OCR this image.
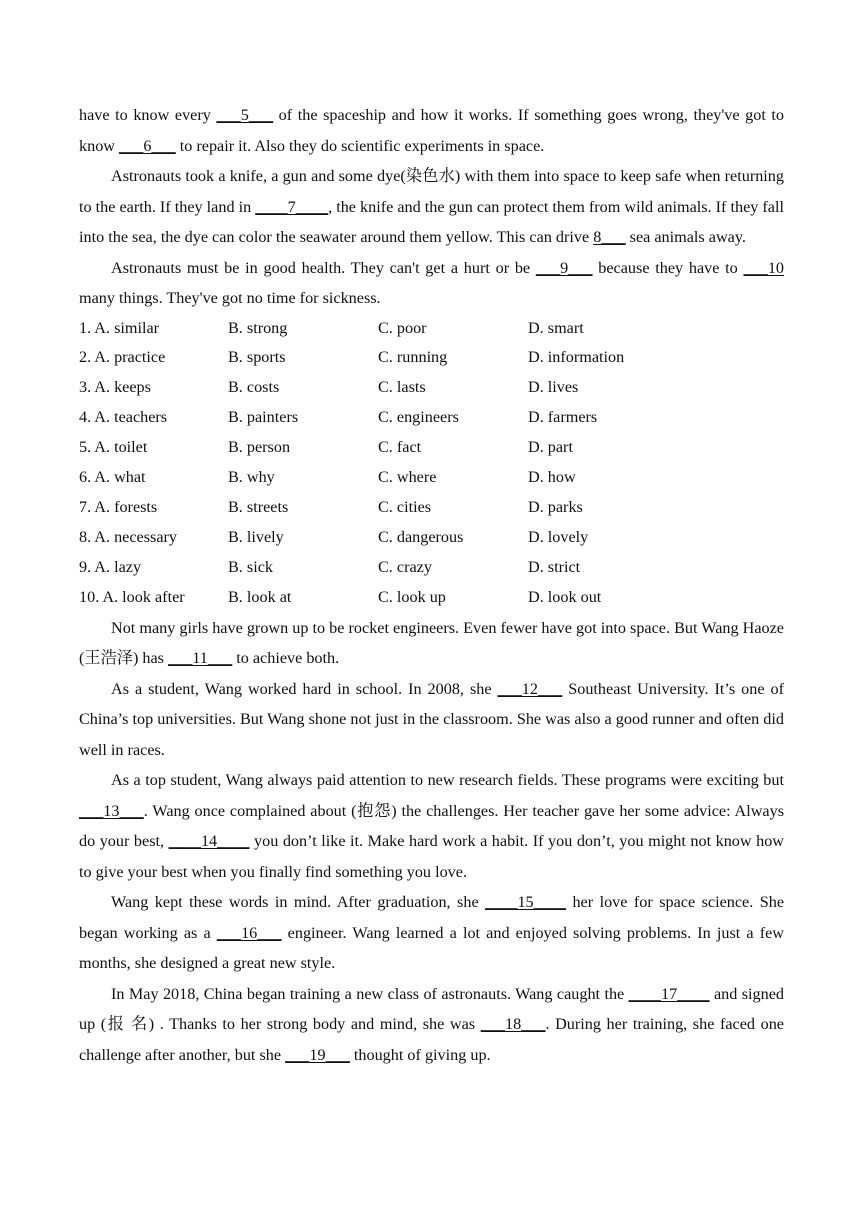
have to know every ___5___ of the spaceship and how it works. If something goes wrong, they've got to know ___6___ to repair it. Also they do scientific experiments in space.

Astronauts took a knife, a gun and some dye(染色水) with them into space to keep safe when returning to the earth. If they land in ____7____, the knife and the gun can protect them from wild animals. If they fall into the sea, the dye can color the seawater around them yellow. This can drive 8___ sea animals away.

Astronauts must be in good health. They can't get a hurt or be ___9___ because they have to ___10 many things. They've got no time for sickness.

1. A. similar	B. strong	C. poor	D. smart
2. A. practice	B. sports	C. running	D. information
3. A. keeps	B. costs	C. lasts	D. lives
4. A. teachers	B. painters	C. engineers	D. farmers
5. A. toilet	B. person	C. fact	D. part
6. A. what	B. why	C. where	D. how
7. A. forests	B. streets	C. cities	D. parks
8. A. necessary	B. lively	C. dangerous	D. lovely
9. A. lazy	B. sick	C. crazy	D. strict
10. A. look after	B. look at	C. look up	D. look out

Not many girls have grown up to be rocket engineers. Even fewer have got into space. But Wang Haoze (王浩泽) has ___11___ to achieve both.

As a student, Wang worked hard in school. In 2008, she ___12___ Southeast University. It’s one of China’s top universities. But Wang shone not just in the classroom. She was also a good runner and often did well in races.

As a top student, Wang always paid attention to new research fields. These programs were exciting but ___13___. Wang once complained about (抱怨) the challenges. Her teacher gave her some advice: Always do your best, ____14____ you don’t like it. Make hard work a habit. If you don’t, you might not know how to give your best when you finally find something you love.

Wang kept these words in mind. After graduation, she ____15____ her love for space science. She began working as a ___16___ engineer. Wang learned a lot and enjoyed solving problems. In just a few months, she designed a great new style.

In May 2018, China began training a new class of astronauts. Wang caught the ____17____ and signed up (报 名) . Thanks to her strong body and mind, she was ___18___. During her training, she faced one challenge after another, but she ___19___ thought of giving up.
